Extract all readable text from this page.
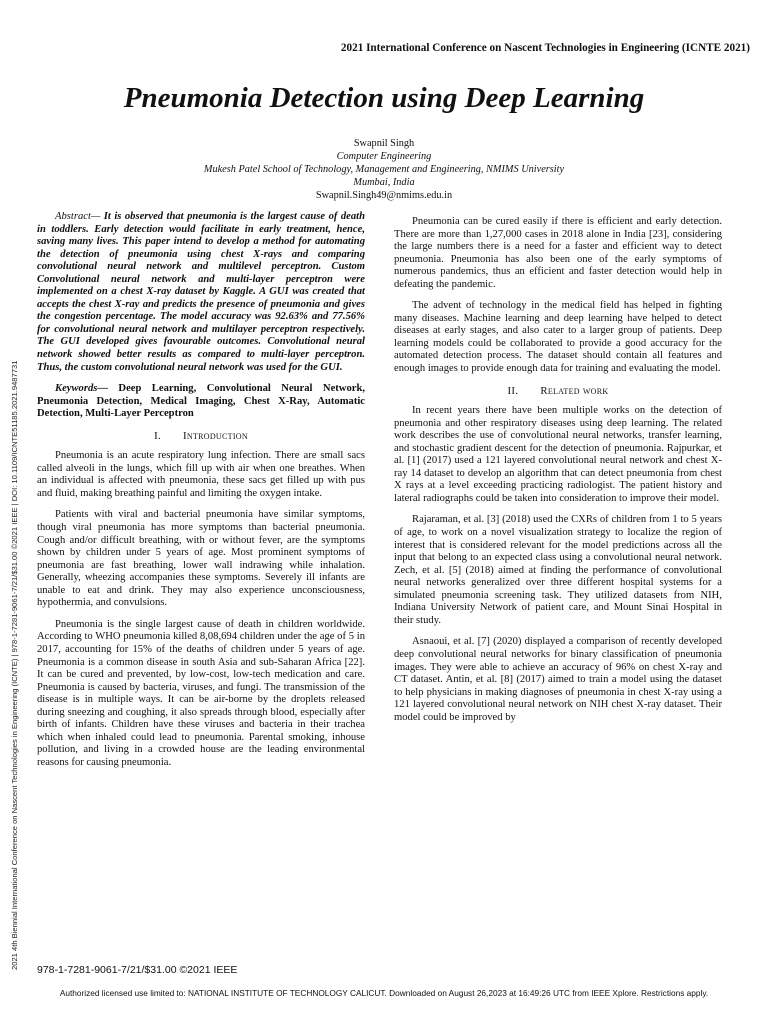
2021 International Conference on Nascent Technologies in Engineering (ICNTE 2021)
Pneumonia Detection using Deep Learning
Swapnil Singh
Computer Engineering
Mukesh Patel School of Technology, Management and Engineering, NMIMS University
Mumbai, India
Swapnil.Singh49@nmims.edu.in

Abstract— It is observed that pneumonia is the largest cause of death in toddlers. Early detection would facilitate in early treatment, hence, saving many lives. This paper intend to develop a method for automating the detection of pneumonia using chest X-rays and comparing convolutional neural network and multilevel perceptron. Custom Convolutional neural network and multi-layer perceptron were implemented on a chest X-ray dataset by Kaggle. A GUI was created that accepts the chest X-ray and predicts the presence of pneumonia and gives the congestion percentage. The model accuracy was 92.63% and 77.56% for convolutional neural network and multilayer perceptron respectively. The GUI developed gives favourable outcomes. Convolutional neural network showed better results as compared to multi-layer perceptron. Thus, the custom convolutional neural network was used for the GUI.

Keywords— Deep Learning, Convolutional Neural Network, Pneumonia Detection, Medical Imaging, Chest X-Ray, Automatic Detection, Multi-Layer Perceptron

I. Introduction

Pneumonia is an acute respiratory lung infection. There are small sacs called alveoli in the lungs, which fill up with air when one breathes. When an individual is affected with pneumonia, these sacs get filled up with pus and fluid, making breathing painful and limiting the oxygen intake.

Patients with viral and bacterial pneumonia have similar symptoms, though viral pneumonia has more symptoms than bacterial pneumonia. Cough and/or difficult breathing, with or without fever, are the symptoms shown by children under 5 years of age. Most prominent symptoms of pneumonia are fast breathing, lower wall indrawing while inhalation. Generally, wheezing accompanies these symptoms. Severely ill infants are unable to eat and drink. They may also experience unconsciousness, hypothermia, and convulsions.

Pneumonia is the single largest cause of death in children worldwide. According to WHO pneumonia killed 8,08,694 children under the age of 5 in 2017, accounting for 15% of the deaths of children under 5 years of age. Pneumonia is a common disease in south Asia and sub-Saharan Africa [22]. It can be cured and prevented, by low-cost, low-tech medication and care. Pneumonia is caused by bacteria, viruses, and fungi. The transmission of the disease is in multiple ways. It can be air-borne by the droplets released during sneezing and coughing, it also spreads through blood, especially after birth of infants. Children have these viruses and bacteria in their trachea which when inhaled could lead to pneumonia. Parental smoking, inhouse pollution, and living in a crowded house are the leading environmental reasons for causing pneumonia.

Pneumonia can be cured easily if there is efficient and early detection. There are more than 1,27,000 cases in 2018 alone in India [23], considering the large numbers there is a need for a faster and efficient way to detect pneumonia. Pneumonia has also been one of the early symptoms of numerous pandemics, thus an efficient and faster detection would help in defeating the pandemic.

The advent of technology in the medical field has helped in fighting many diseases. Machine learning and deep learning have helped to detect diseases at early stages, and also cater to a larger group of patients. Deep learning models could be collaborated to provide a good accuracy for the automated detection process. The dataset should contain all features and enough images to provide enough data for training and evaluating the model.

II. Related work

In recent years there have been multiple works on the detection of pneumonia and other respiratory diseases using deep learning. The related work describes the use of convolutional neural networks, transfer learning, and stochastic gradient descent for the detection of pneumonia. Rajpurkar, et al. [1] (2017) used a 121 layered convolutional neural network and chest X-ray 14 dataset to develop an algorithm that can detect pneumonia from chest X rays at a level exceeding practicing radiologist. The patient history and lateral radiographs could be taken into consideration to improve their model.

Rajaraman, et al. [3] (2018) used the CXRs of children from 1 to 5 years of age, to work on a novel visualization strategy to localize the region of interest that is considered relevant for the model predictions across all the input that belong to an expected class using a convolutional neural network. Zech, et al. [5] (2018) aimed at finding the performance of convolutional neural networks generalized over three different hospital systems for a simulated pneumonia screening task. They utilized datasets from NIH, Indiana University Network of patient care, and Mount Sinai Hospital in their study.

Asnaoui, et al. [7] (2020) displayed a comparison of recently developed deep convolutional neural networks for binary classification of pneumonia images. They were able to achieve an accuracy of 96% on chest X-ray and CT dataset. Antin, et al. [8] (2017) aimed to train a model using the dataset to help physicians in making diagnoses of pneumonia in chest X-ray using a 121 layered convolutional neural network on NIH chest X-ray dataset. Their model could be improved by

2021 4th Biennial International Conference on Nascent Technologies in Engineering (ICNTE) | 978-1-7281-9061-7/21/$31.00 ©2021 IEEE | DOI: 10.1109/ICNTE51185.2021.9487731 978-1-7281-9061-7/21/$31.00 ©2021 IEEE
Authorized licensed use limited to: NATIONAL INSTITUTE OF TECHNOLOGY CALICUT. Downloaded on August 26,2023 at 16:49:26 UTC from IEEE Xplore. Restrictions apply.
